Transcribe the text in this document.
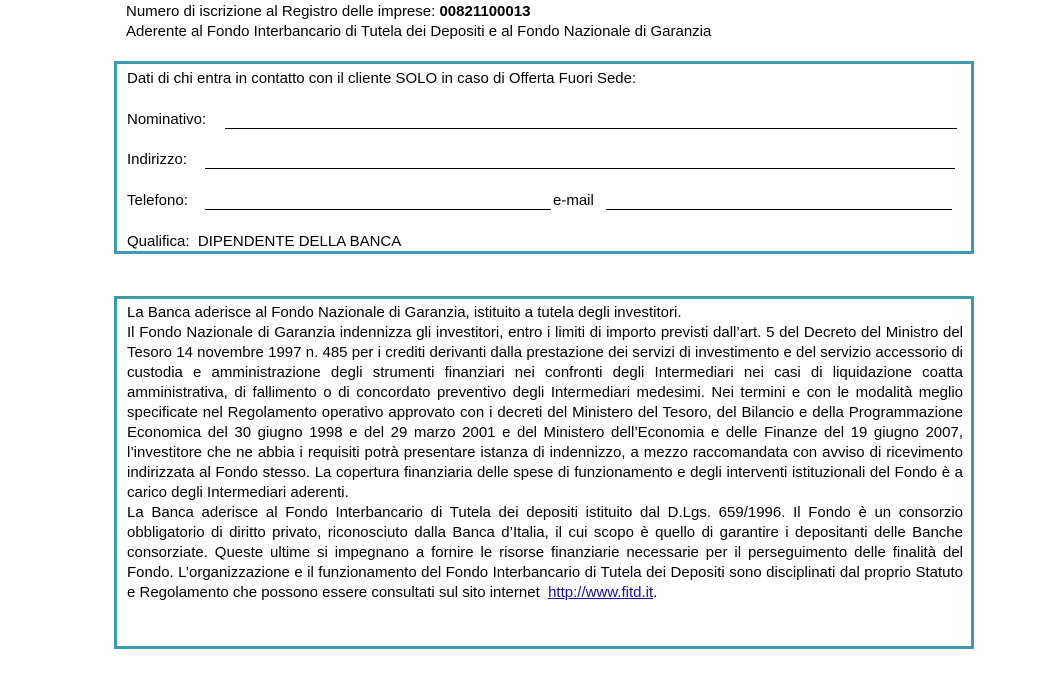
Numero di iscrizione al Registro delle imprese: 00821100013
Aderente al Fondo Interbancario di Tutela dei Depositi e al Fondo Nazionale di Garanzia
Dati di chi entra in contatto con il cliente SOLO in caso di Offerta Fuori Sede:
Nominativo:
Indirizzo:
Telefono:	e-mail
Qualifica: DIPENDENTE DELLA BANCA

La Banca aderisce al Fondo Nazionale di Garanzia, istituito a tutela degli investitori.

Il Fondo Nazionale di Garanzia indennizza gli investitori, entro i limiti di importo previsti dall’art. 5 del Decreto del Ministro del Tesoro 14 novembre 1997 n. 485 per i crediti derivanti dalla prestazione dei servizi di investimento e del servizio accessorio di custodia e amministrazione degli strumenti finanziari nei confronti degli Intermediari nei casi di liquidazione coatta amministrativa, di fallimento o di concordato preventivo degli Intermediari medesimi. Nei termini e con le modalità meglio specificate nel Regolamento operativo approvato con i decreti del Ministero del Tesoro, del Bilancio e della Programmazione Economica del 30 giugno 1998 e del 29 marzo 2001 e del Ministero dell’Economia e delle Finanze del 19 giugno 2007, l’investitore che ne abbia i requisiti potrà presentare istanza di indennizzo, a mezzo raccomandata con avviso di ricevimento indirizzata al Fondo stesso. La copertura finanziaria delle spese di funzionamento e degli interventi istituzionali del Fondo è a carico degli Intermediari aderenti.

La Banca aderisce al Fondo Interbancario di Tutela dei depositi istituito dal D.Lgs. 659/1996. Il Fondo è un consorzio obbligatorio di diritto privato, riconosciuto dalla Banca d’Italia, il cui scopo è quello di garantire i depositanti delle Banche consorziate. Queste ultime si impegnano a fornire le risorse finanziarie necessarie per il perseguimento delle finalità del Fondo. L’organizzazione e il funzionamento del Fondo Interbancario di Tutela dei Depositi sono disciplinati dal proprio Statuto e Regolamento che possono essere consultati sul sito internet http://www.fitd.it.
